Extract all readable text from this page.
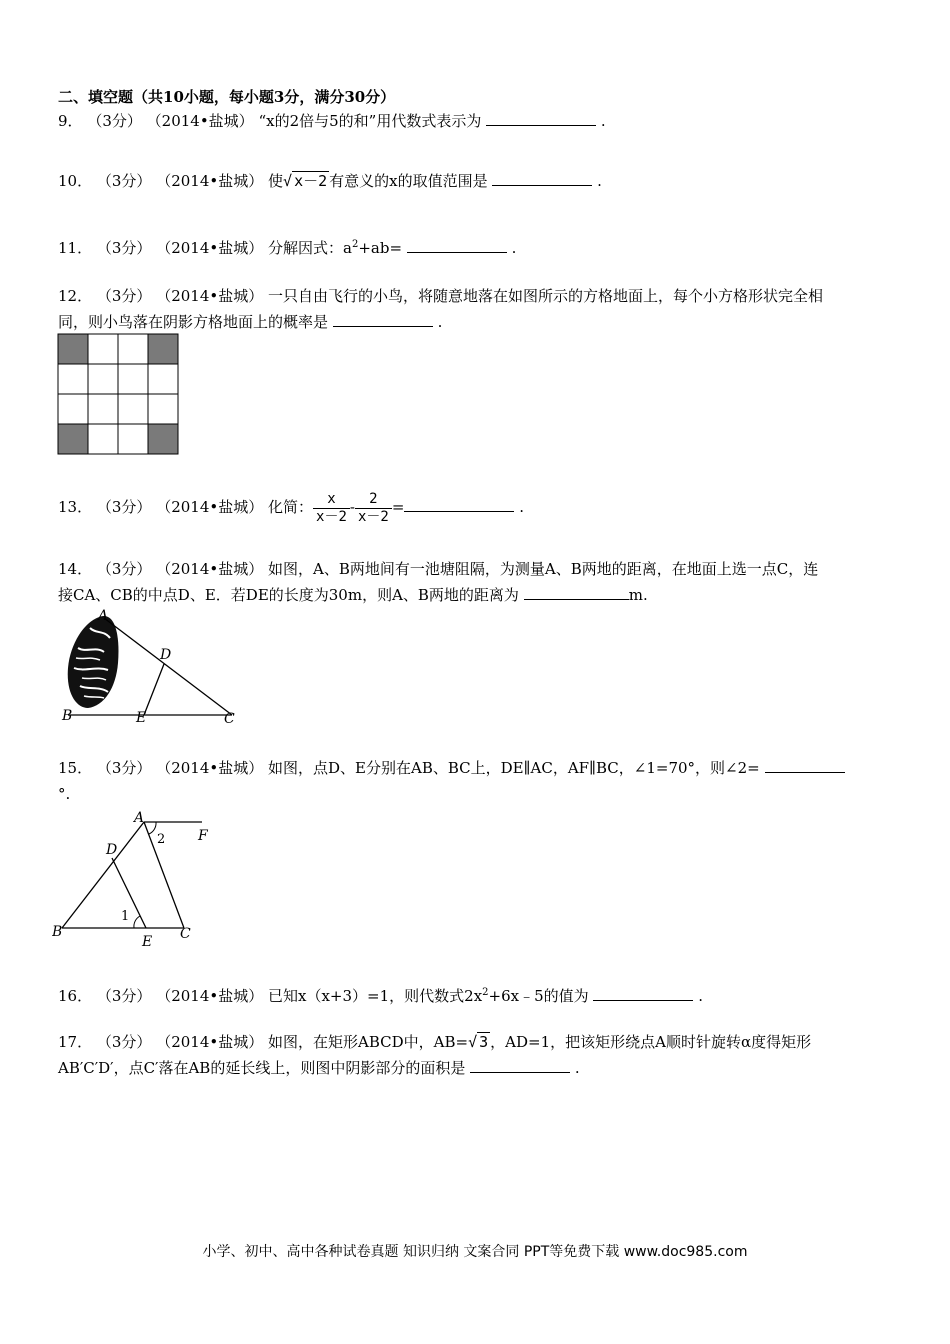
二、填空题（共10小题，每小题3分，满分30分）
9． （3分） （2014•盐城） “x的2倍与5的和”用代数式表示为	.
10． （3分） （2014•盐城） 使√ x－2 有意义的x的取值范围是	.
11． （3分） （2014•盐城） 分解因式：$a^2+ab=$	.
12． （3分） （2014•盐城） 一只自由飞行的小鸟，将随意地落在如图所示的方格地面上，每个小方格形状完全相
同，则小鸟落在阴影方格地面上的概率是	.
13． （3分） （2014•盐城） 化简： $\frac{x}{x-2} - \frac{2}{x-2}$ =	.
14． （3分） （2014•盐城） 如图，A、B两地间有一池塘阻隔，为测量A、B两地的距离，在地面上选一点C，连
接CA、CB的中点D、E．若DE的长度为30m，则A、B两地的距离为	m.
A
D
B	E	C
15． （3分） （2014•盐城） 如图，点D、E分别在AB、BC上，DE∥AC，AF∥BC，∠1=70°，则∠2=
°.
A
D
F
B
E C
1
2
16． （3分） （2014•盐城） 已知x（x+3）=1，则代数式$2x^2+6x﹣5$的值为	.
17． （3分） （2014•盐城） 如图，在矩形ABCD中，AB=√ 3 ，AD=1，把该矩形绕点A顺时针旋转α度得矩形
AB′C′D′，点C′落在AB的延长线上，则图中阴影部分的面积是	.
小学、初中、高中各种试卷真题 知识归纳 文案合同 PPT等免费下载 www.doc985.com
